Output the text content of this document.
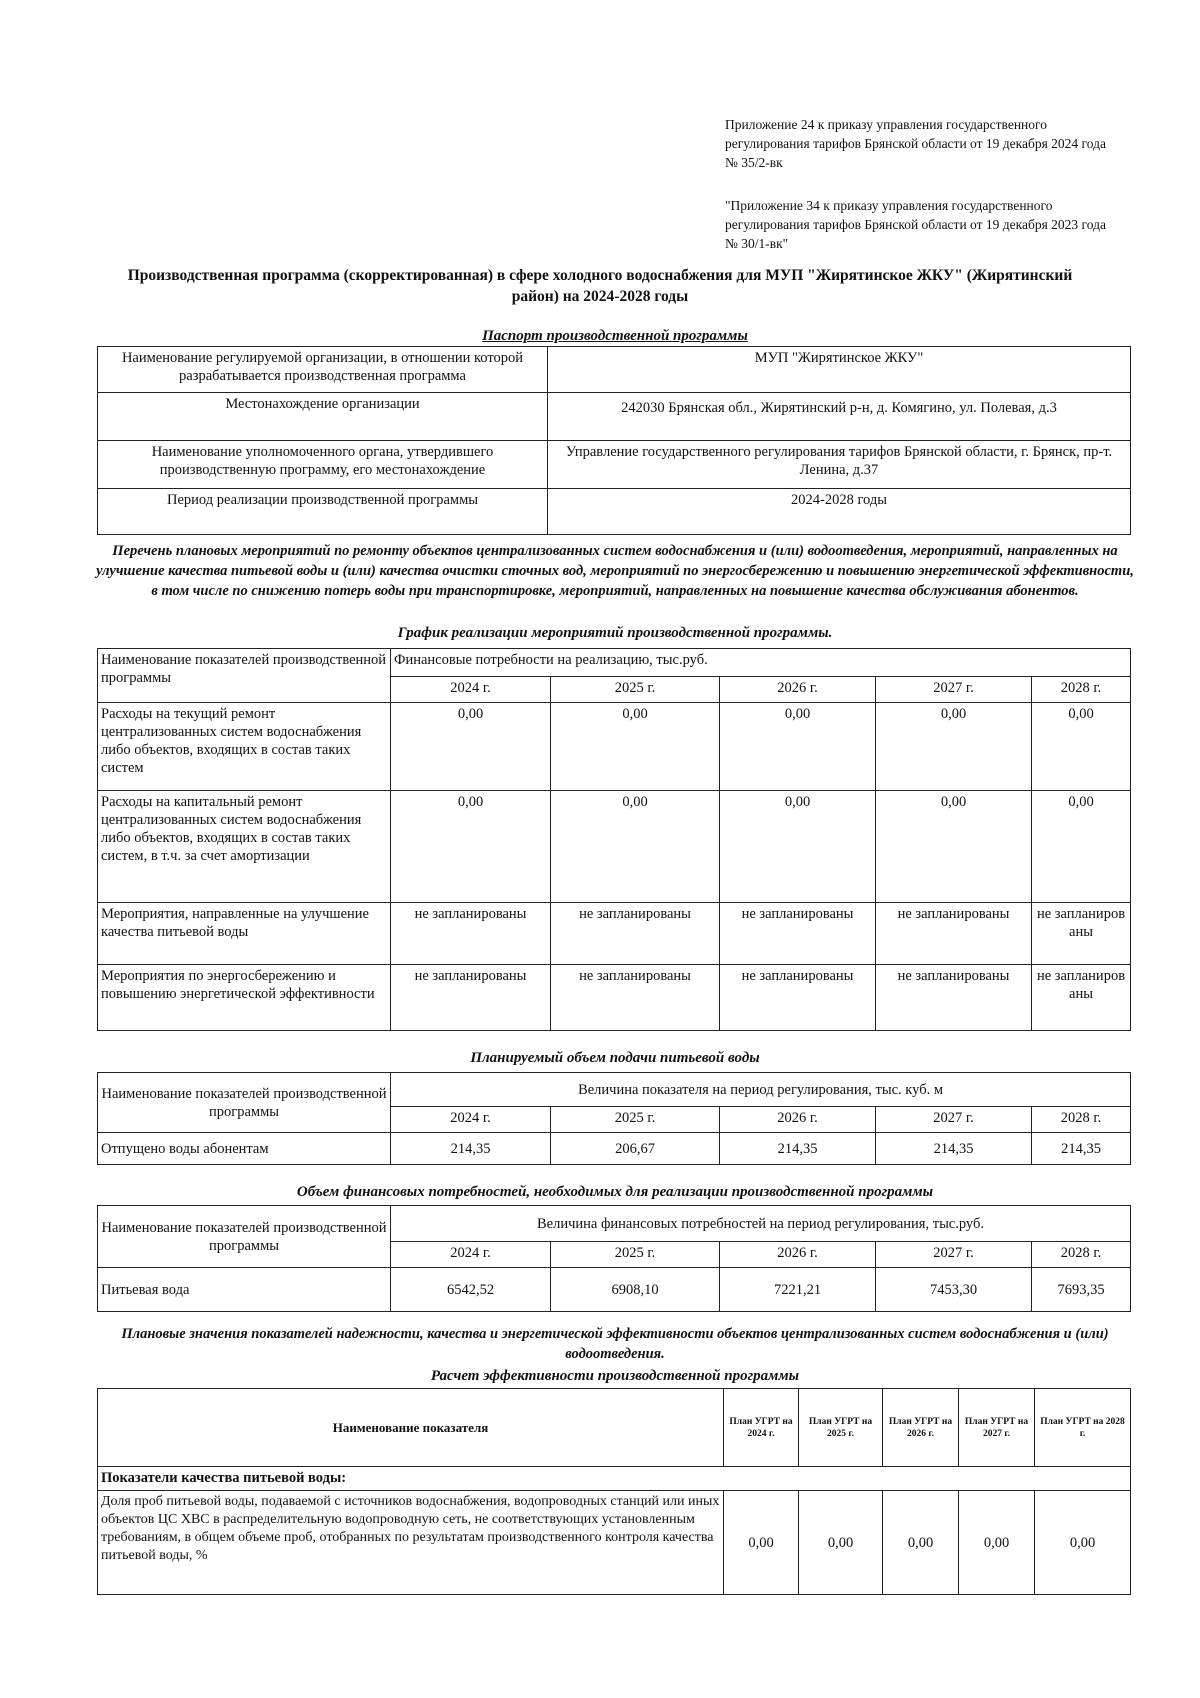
Приложение 24 к приказу управления государственного регулирования тарифов Брянской области от 19 декабря 2024 года № 35/2-вк
"Приложение 34 к приказу управления государственного регулирования тарифов Брянской области от 19 декабря 2023 года № 30/1-вк"
Производственная программа (скорректированная) в сфере холодного водоснабжения для МУП "Жирятинское ЖКУ" (Жирятинский район) на 2024-2028 годы
Паспорт производственной программы
Наименование регулируемой организации, в отношении которой разрабатывается производственная программа	МУП "Жирятинское ЖКУ"
Местонахождение организации	242030 Брянская обл., Жирятинский р-н, д. Комягино, ул. Полевая, д.3
Наименование уполномоченного органа, утвердившего производственную программу, его местонахождение	Управление государственного регулирования тарифов Брянской области, г. Брянск, пр-т. Ленина, д.37
Период реализации производственной программы	2024-2028 годы
Перечень плановых мероприятий по ремонту объектов централизованных систем водоснабжения и (или) водоотведения, мероприятий, направленных на улучшение качества питьевой воды и (или) качества очистки сточных вод, мероприятий по энергосбережению и повышению энергетической эффективности, в том числе по снижению потерь воды при транспортировке, мероприятий, направленных на повышение качества обслуживания абонентов.
График реализации мероприятий производственной программы.
Наименование показателей производственной программы	Финансовые потребности на реализацию, тыс.руб.				
	2024 г.	2025 г.	2026 г.	2027 г.	2028 г.
Расходы на текущий ремонт централизованных систем водоснабжения либо объектов, входящих в состав таких систем	0,00	0,00	0,00	0,00	0,00
Расходы на капитальный ремонт централизованных систем водоснабжения либо объектов, входящих в состав таких систем, в т.ч. за счет амортизации	0,00	0,00	0,00	0,00	0,00
Мероприятия, направленные на улучшение качества питьевой воды	не запланированы	не запланированы	не запланированы	не запланированы	не запланированы
Мероприятия по энергосбережению и повышению энергетической эффективности	не запланированы	не запланированы	не запланированы	не запланированы	не запланированы
Планируемый объем подачи питьевой воды
Наименование показателей производственной программы	Величина показателя на период регулирования, тыс. куб. м				
	2024 г.	2025 г.	2026 г.	2027 г.	2028 г.
Отпущено воды абонентам	214,35	206,67	214,35	214,35	214,35
Объем финансовых потребностей, необходимых для реализации производственной программы
Наименование показателей производственной программы	Величина финансовых потребностей на период регулирования, тыс.руб.				
	2024 г.	2025 г.	2026 г.	2027 г.	2028 г.
Питьевая вода	6542,52	6908,10	7221,21	7453,30	7693,35
Плановые значения показателей надежности, качества и энергетической эффективности объектов централизованных систем водоснабжения и (или) водоотведения.
Расчет эффективности производственной программы
Наименование показателя	План УГРТ на 2024 г.	План УГРТ на 2025 г.	План УГРТ на 2026 г.	План УГРТ на 2027 г.	План УГРТ на 2028 г.
Показатели качества питьевой воды:					
Доля проб питьевой воды, подаваемой с источников водоснабжения, водопроводных станций или иных объектов ЦС ХВС в распределительную водопроводную сеть, не соответствующих установленным требованиям, в общем объеме проб, отобранных по результатам производственного контроля качества питьевой воды, %	0,00	0,00	0,00	0,00	0,00
